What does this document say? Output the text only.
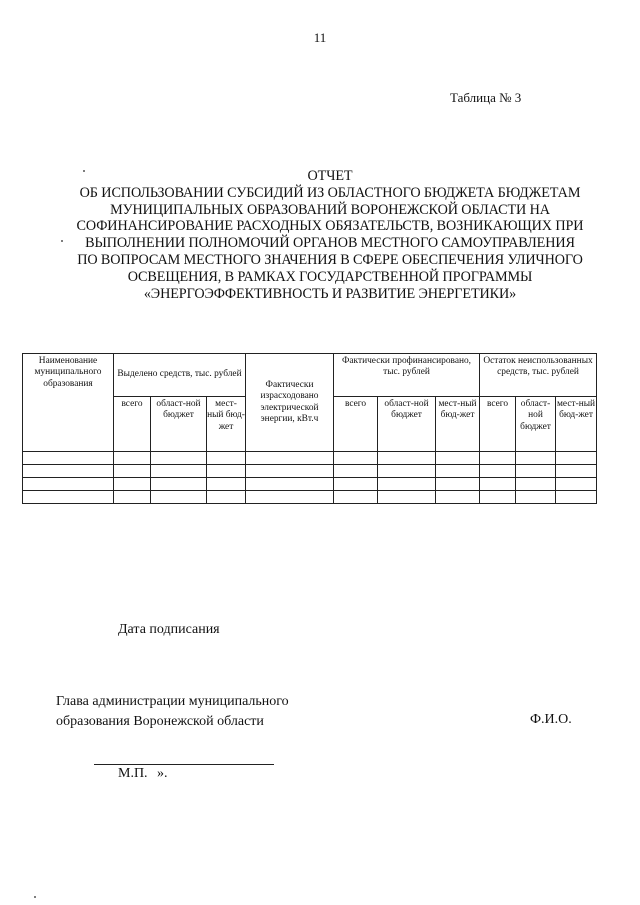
11
Таблица № 3
ОТЧЕТ
ОБ ИСПОЛЬЗОВАНИИ СУБСИДИЙ ИЗ ОБЛАСТНОГО БЮДЖЕТА БЮДЖЕТАМ
МУНИЦИПАЛЬНЫХ ОБРАЗОВАНИЙ ВОРОНЕЖСКОЙ ОБЛАСТИ НА
СОФИНАНСИРОВАНИЕ РАСХОДНЫХ ОБЯЗАТЕЛЬСТВ, ВОЗНИКАЮЩИХ ПРИ
ВЫПОЛНЕНИИ ПОЛНОМОЧИЙ ОРГАНОВ МЕСТНОГО САМОУПРАВЛЕНИЯ
ПО ВОПРОСАМ МЕСТНОГО ЗНАЧЕНИЯ В СФЕРЕ ОБЕСПЕЧЕНИЯ УЛИЧНОГО
ОСВЕЩЕНИЯ, В РАМКАХ ГОСУДАРСТВЕННОЙ ПРОГРАММЫ
«ЭНЕРГОЭФФЕКТИВНОСТЬ И РАЗВИТИЕ ЭНЕРГЕТИКИ»
Наименование муниципального образования	Выделено средств, тыс. рублей			Фактически израсходовано электрической энергии, кВт.ч	Фактически профинансировано, тыс. рублей			Остаток неиспользованных средств, тыс. рублей		
	всего	област-ной бюджет	мест-ный бюд-жет		всего	област-ной бюджет	мест-ный бюд-жет	всего	област-ной бюджет	мест-ный бюд-жет

Дата подписания
Глава администрации муниципального
образования Воронежской области	Ф.И.О.
М.П. ».
